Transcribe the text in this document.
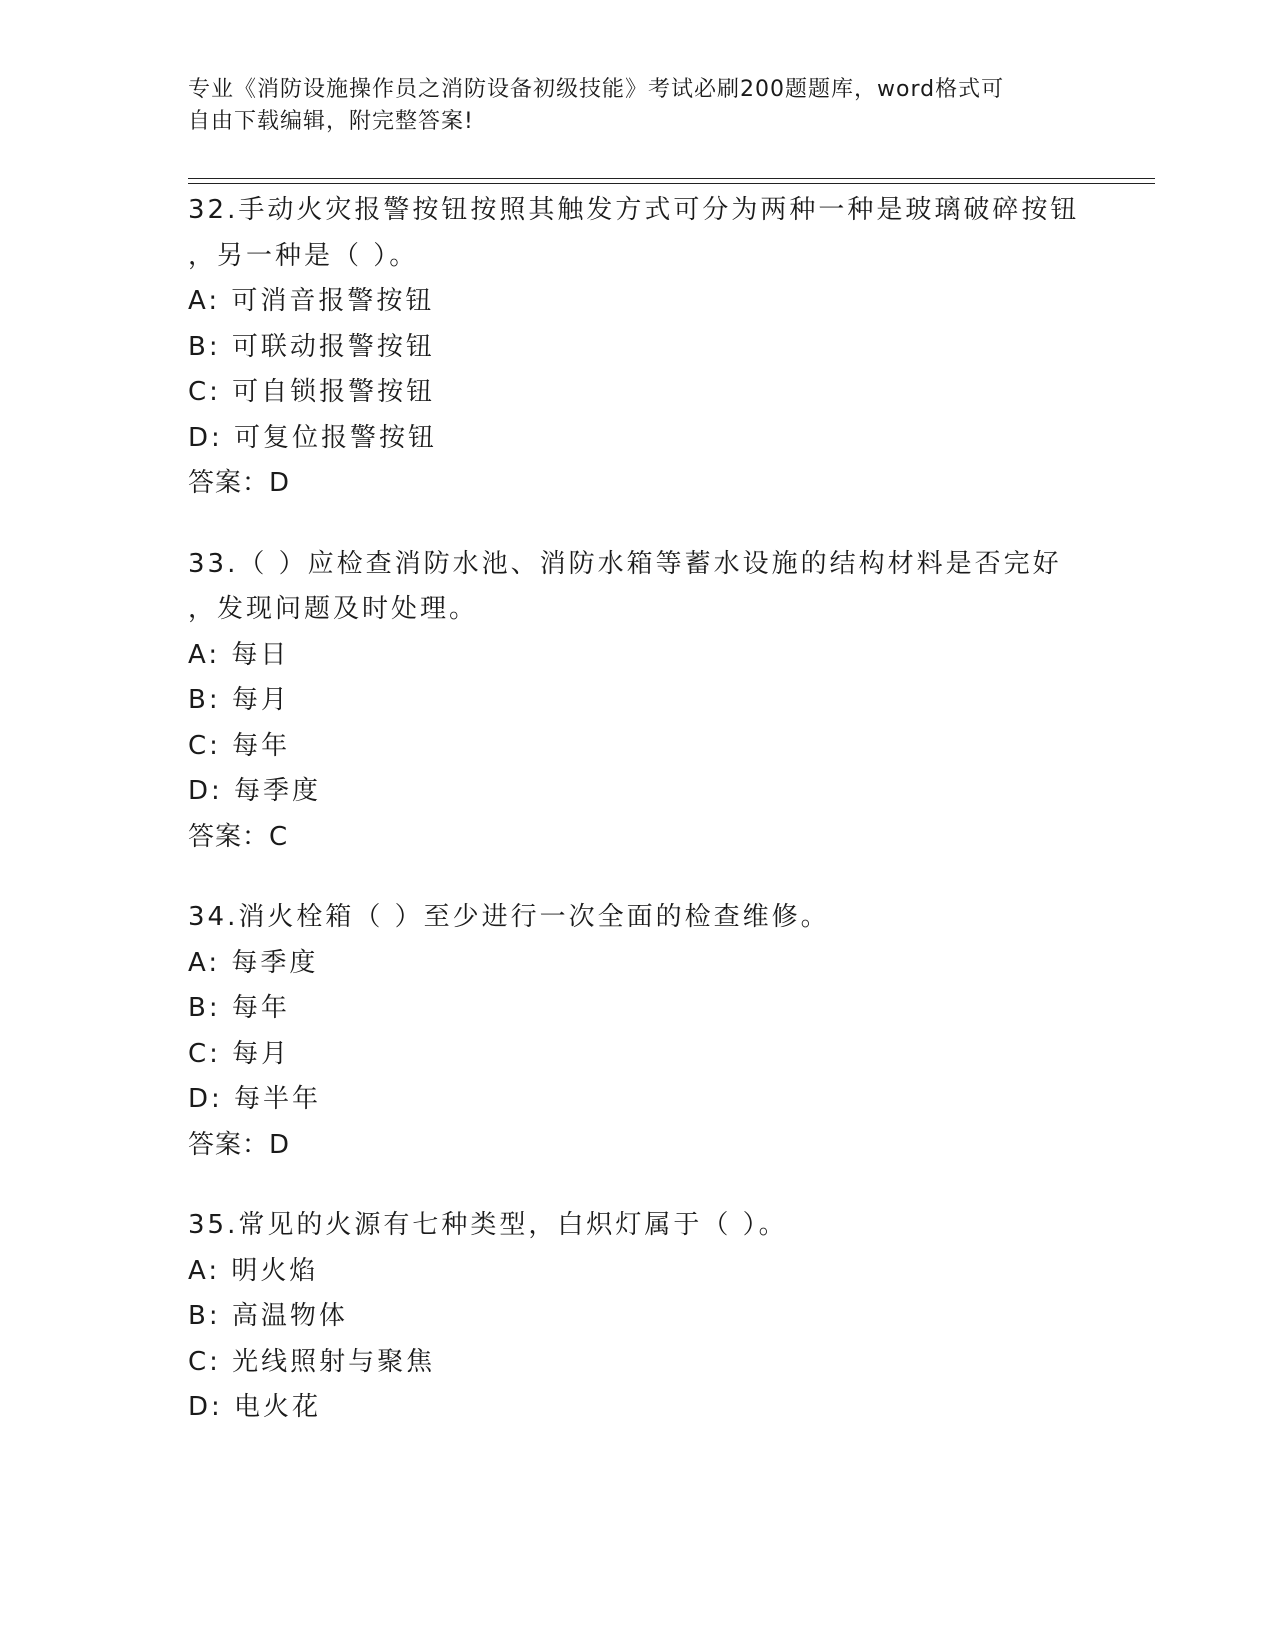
专业《消防设施操作员之消防设备初级技能》考试必刷200题题库，word格式可
自由下载编辑，附完整答案!
32.手动火灾报警按钮按照其触发方式可分为两种一种是玻璃破碎按钮
，另一种是（ ）。
A: 可消音报警按钮
B: 可联动报警按钮
C: 可自锁报警按钮
D: 可复位报警按钮
答案：D
33.（ ）应检查消防水池、消防水箱等蓄水设施的结构材料是否完好
，发现问题及时处理。
A: 每日
B: 每月
C: 每年
D: 每季度
答案：C
34.消火栓箱（ ）至少进行一次全面的检查维修。
A: 每季度
B: 每年
C: 每月
D: 每半年
答案：D
35.常见的火源有七种类型，白炽灯属于（ ）。
A: 明火焰
B: 高温物体
C: 光线照射与聚焦
D: 电火花
